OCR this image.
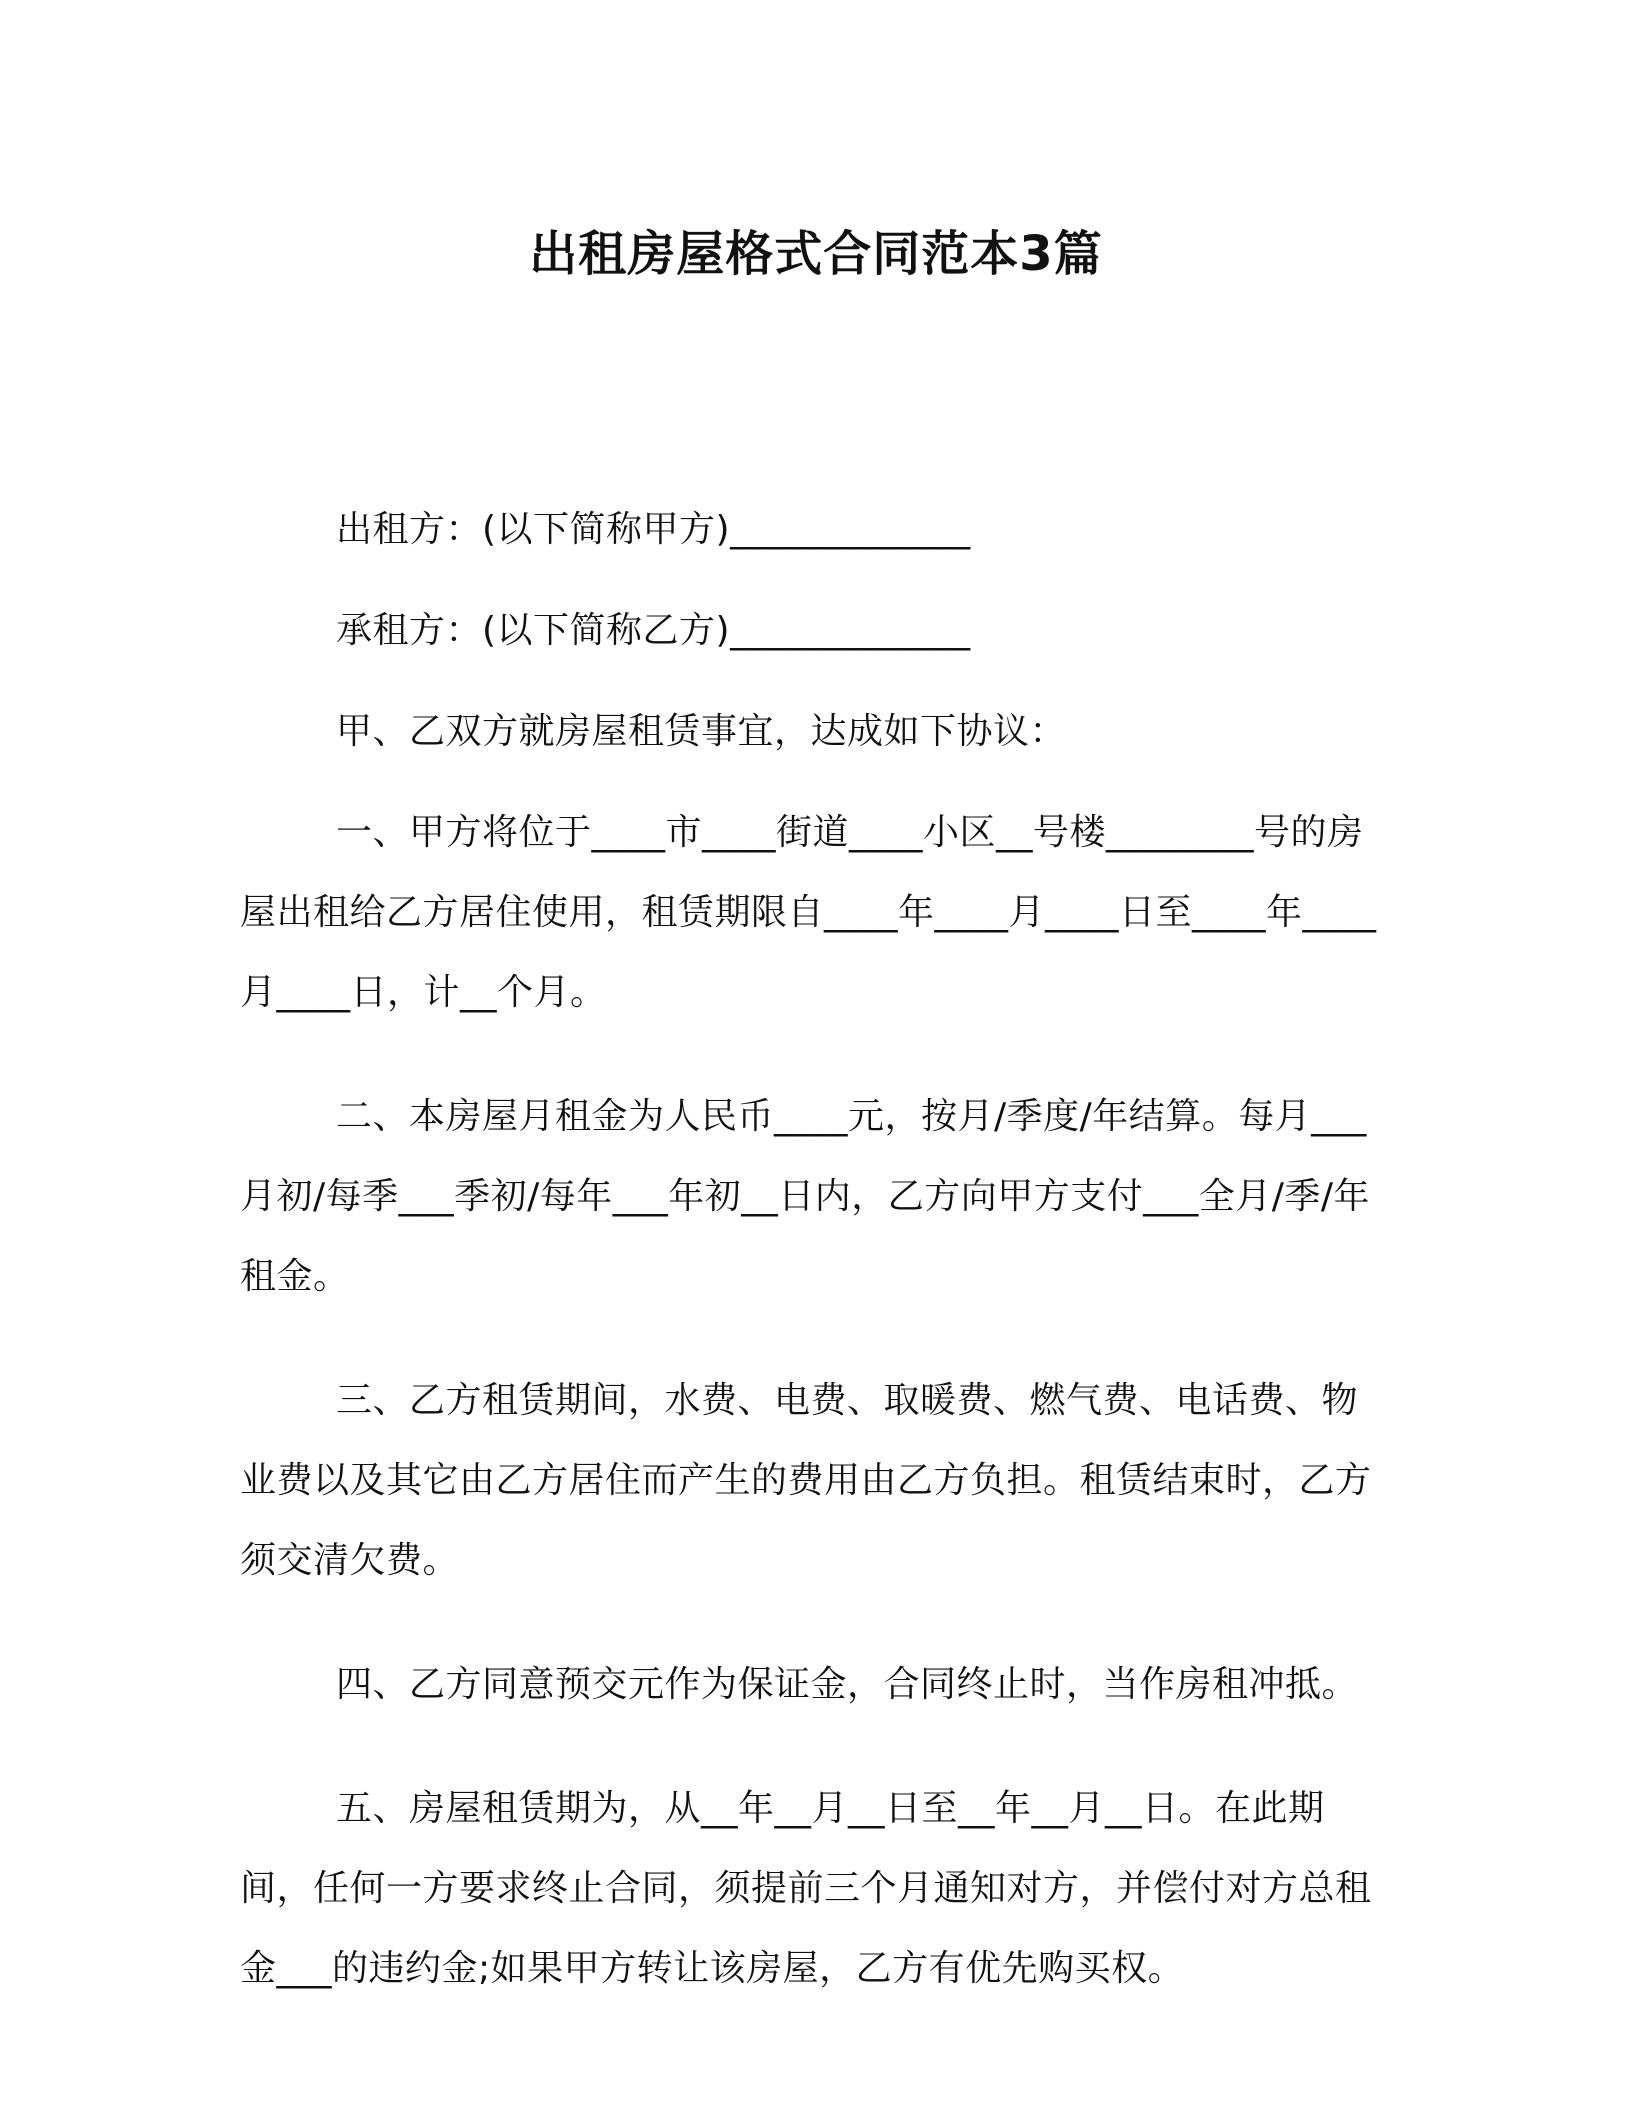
出租房屋格式合同范本3篇

出租方：(以下简称甲方)_____________

承租方：(以下简称乙方)_____________

甲、乙双方就房屋租赁事宜，达成如下协议：

一、甲方将位于____市____街道____小区__号楼________号的房屋出租给乙方居住使用，租赁期限自____年____月____日至____年____月____日，计__个月。

二、本房屋月租金为人民币____元，按月/季度/年结算。每月___月初/每季___季初/每年___年初__日内，乙方向甲方支付___全月/季/年租金。

三、乙方租赁期间，水费、电费、取暖费、燃气费、电话费、物业费以及其它由乙方居住而产生的费用由乙方负担。租赁结束时，乙方须交清欠费。

四、乙方同意预交元作为保证金，合同终止时，当作房租冲抵。

五、房屋租赁期为，从__年__月__日至__年__月__日。在此期间，任何一方要求终止合同，须提前三个月通知对方，并偿付对方总租金___的违约金;如果甲方转让该房屋，乙方有优先购买权。
